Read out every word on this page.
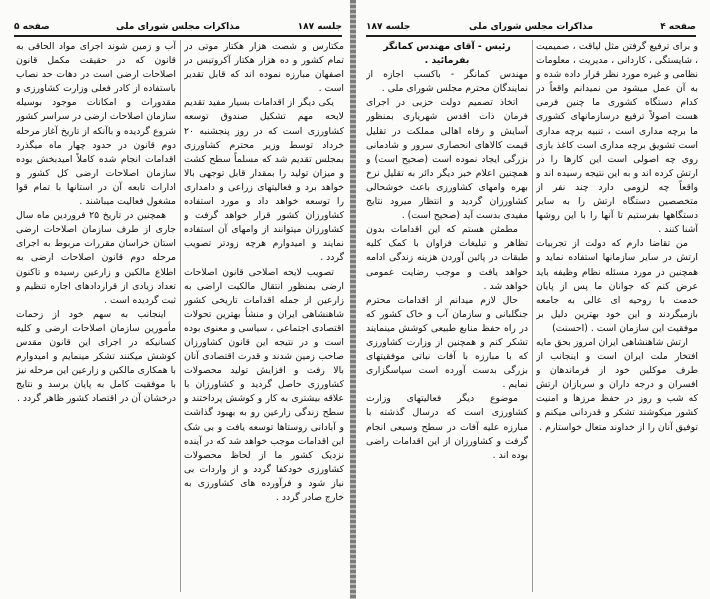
صفحه ۵	مذاکرات مجلس شورای ملی	جلسه ۱۸۷

مکتارس و شصت هزار هکتار موتی در تمام کشور و ده هزار هکتار آکروتیس در اصفهان مبارزه نموده اند که قابل تقدیر است .

یکی دیگر از اقدامات بسیار مفید تقدیم لایحه مهم تشکیل صندوق توسعه کشاورزی است که در روز پنجشنبه ۲۰ خرداد توسط وزیر محترم کشاورزی بمجلس تقدیم شد که مسلماً سطح کشت و میزان تولید را بمقدار قابل توجهی بالا خواهد برد و فعالیتهای زراعی و دامداری را توسعه خواهد داد و مورد استفاده کشاورزان کشور قرار خواهد گرفت و کشاورزان میتوانند از وامهای آن استفاده نمایند و امیدوارم هرچه زودتر تصویب گردد .

تصویب لایحه اصلاحی قانون اصلاحات ارضی بمنظور انتقال مالکیت اراضی به زارعین از جمله اقدامات تاریخی کشور شاهنشاهی ایران و منشأ بهترین تحولات اقتصادی اجتماعی ، سیاسی و معنوی بوده است و در نتیجه این قانون کشاورزان صاحب زمین شدند و قدرت اقتصادی آنان بالا رفت و افزایش تولید محصولات کشاورزی حاصل گردید و کشاورزان با علاقه بیشتری به کار و کوشش پرداختند و سطح زندگی زارعین رو به بهبود گذاشت و آبادانی روستاها توسعه یافت و بی شک این اقدامات موجب خواهد شد که در آینده نزدیک کشور ما از لحاظ محصولات کشاورزی خودکفا گردد و از واردات بی نیاز شود و فرآورده های کشاورزی به خارج صادر گردد .

آب و زمین شوند اجرای مواد الحاقی به قانون که در حقیقت مکمل قانون اصلاحات ارضی است در دهات حد نصاب باستفاده از کادر فعلی وزارت کشاورزی و مقدورات و امکانات موجود بوسیله سازمان اصلاحات ارضی در سراسر کشور شروع گردیده و باآنکه از تاریخ آغاز مرحله دوم قانون در حدود چهار ماه میگذرد اقدامات انجام شده کاملاً امیدبخش بوده سازمان اصلاحات ارضی کل کشور و ادارات تابعه آن در استانها با تمام قوا مشغول فعالیت میباشند .

همچنین در تاریخ ۲۵ فروردین ماه سال جاری از طرف سازمان اصلاحات ارضی استان خراسان مقررات مربوط به اجرای مرحله دوم قانون اصلاحات ارضی به اطلاع مالکین و زارعین رسیده و تاکنون تعداد زیادی از قراردادهای اجاره تنظیم و ثبت گردیده است .

اینجانب به سهم خود از زحمات مأمورین سازمان اصلاحات ارضی و کلیه کسانیکه در اجرای این قانون مقدس کوشش میکنند تشکر مینمایم و امیدوارم با همکاری مالکین و زارعین این مرحله نیز با موفقیت کامل به پایان برسد و نتایج درخشان آن در اقتصاد کشور ظاهر گردد .

جلسه ۱۸۷	مذاکرات مجلس شورای ملی	صفحه ۴

و برای ترفیع گرفتن مثل لیاقت ، صمیمیت ، شایستگی ، کاردانی ، مدیریت ، معلومات نظامی و غیره مورد نظر قرار داده شده و به آن عمل میشود من نمیدانم واقعاً در کدام دستگاه کشوری ما چنین فرمی هست اصولاً ترفیع درسازمانهای کشوری ما برچه مداری است ، تنبیه برچه مداری است تشویق برچه مداری است کاغذ بازی روی چه اصولی است این کارها را در ارتش کرده اند و به این نتیجه رسیده اند و واقعاً چه لزومی دارد چند نفر از متخصصین دستگاه ارتش را به سایر دستگاهها بفرستیم تا آنها را با این روشها آشنا کنند .

من تقاضا دارم که دولت از تجربیات ارتش در سایر سازمانها استفاده نماید و همچنین در مورد مسئله نظام وظیفه باید عرض کنم که جوانان ما پس از پایان خدمت با روحیه ای عالی به جامعه بازمیگردند و این خود بهترین دلیل بر موفقیت این سازمان است . (احسنت)

ارتش شاهنشاهی ایران امروز بحق مایه افتخار ملت ایران است و اینجانب از طرف موکلین خود از فرماندهان و افسران و درجه داران و سربازان ارتش که شب و روز در حفظ مرزها و امنیت کشور میکوشند تشکر و قدردانی میکنم و توفیق آنان را از خداوند متعال خواستارم .

رئیس - آقای مهندس کمانگر بفرمائید .

مهندس کمانگر - باکسب اجازه از نمایندگان محترم مجلس شورای ملی .

اتخاذ تصمیم دولت حزبی در اجرای فرمان ذات اقدس شهریاری بمنظور آسایش و رفاه اهالی مملکت در تقلیل قیمت کالاهای انحصاری سرور و شادمانی بزرگی ایجاد نموده است (صحیح است) و همچنین اعلام خبر دیگر دائر به تقلیل نرخ بهره وامهای کشاورزی باعث خوشحالی کشاورزان گردید و انتظار میرود نتایج مفیدی بدست آید (صحیح است) .

مطمئن هستم که این اقدامات بدون تظاهر و تبلیغات فراوان با کمک کلیه طبقات در پائین آوردن هزینه زندگی ادامه خواهد یافت و موجب رضایت عمومی خواهد شد .

حال لازم میدانم از اقدامات محترم جنگلبانی و سازمان آب و خاک کشور که در راه حفظ منابع طبیعی کوشش مینمایند تشکر کنم و همچنین از وزارت کشاورزی که با مبارزه با آفات نباتی موفقیتهای بزرگی بدست آورده است سپاسگزاری نمایم .

موضوع دیگر فعالیتهای وزارت کشاورزی است که درسال گذشته با مبارزه علیه آفات در سطح وسیعی انجام گرفت و کشاورزان از این اقدامات راضی بوده اند .
